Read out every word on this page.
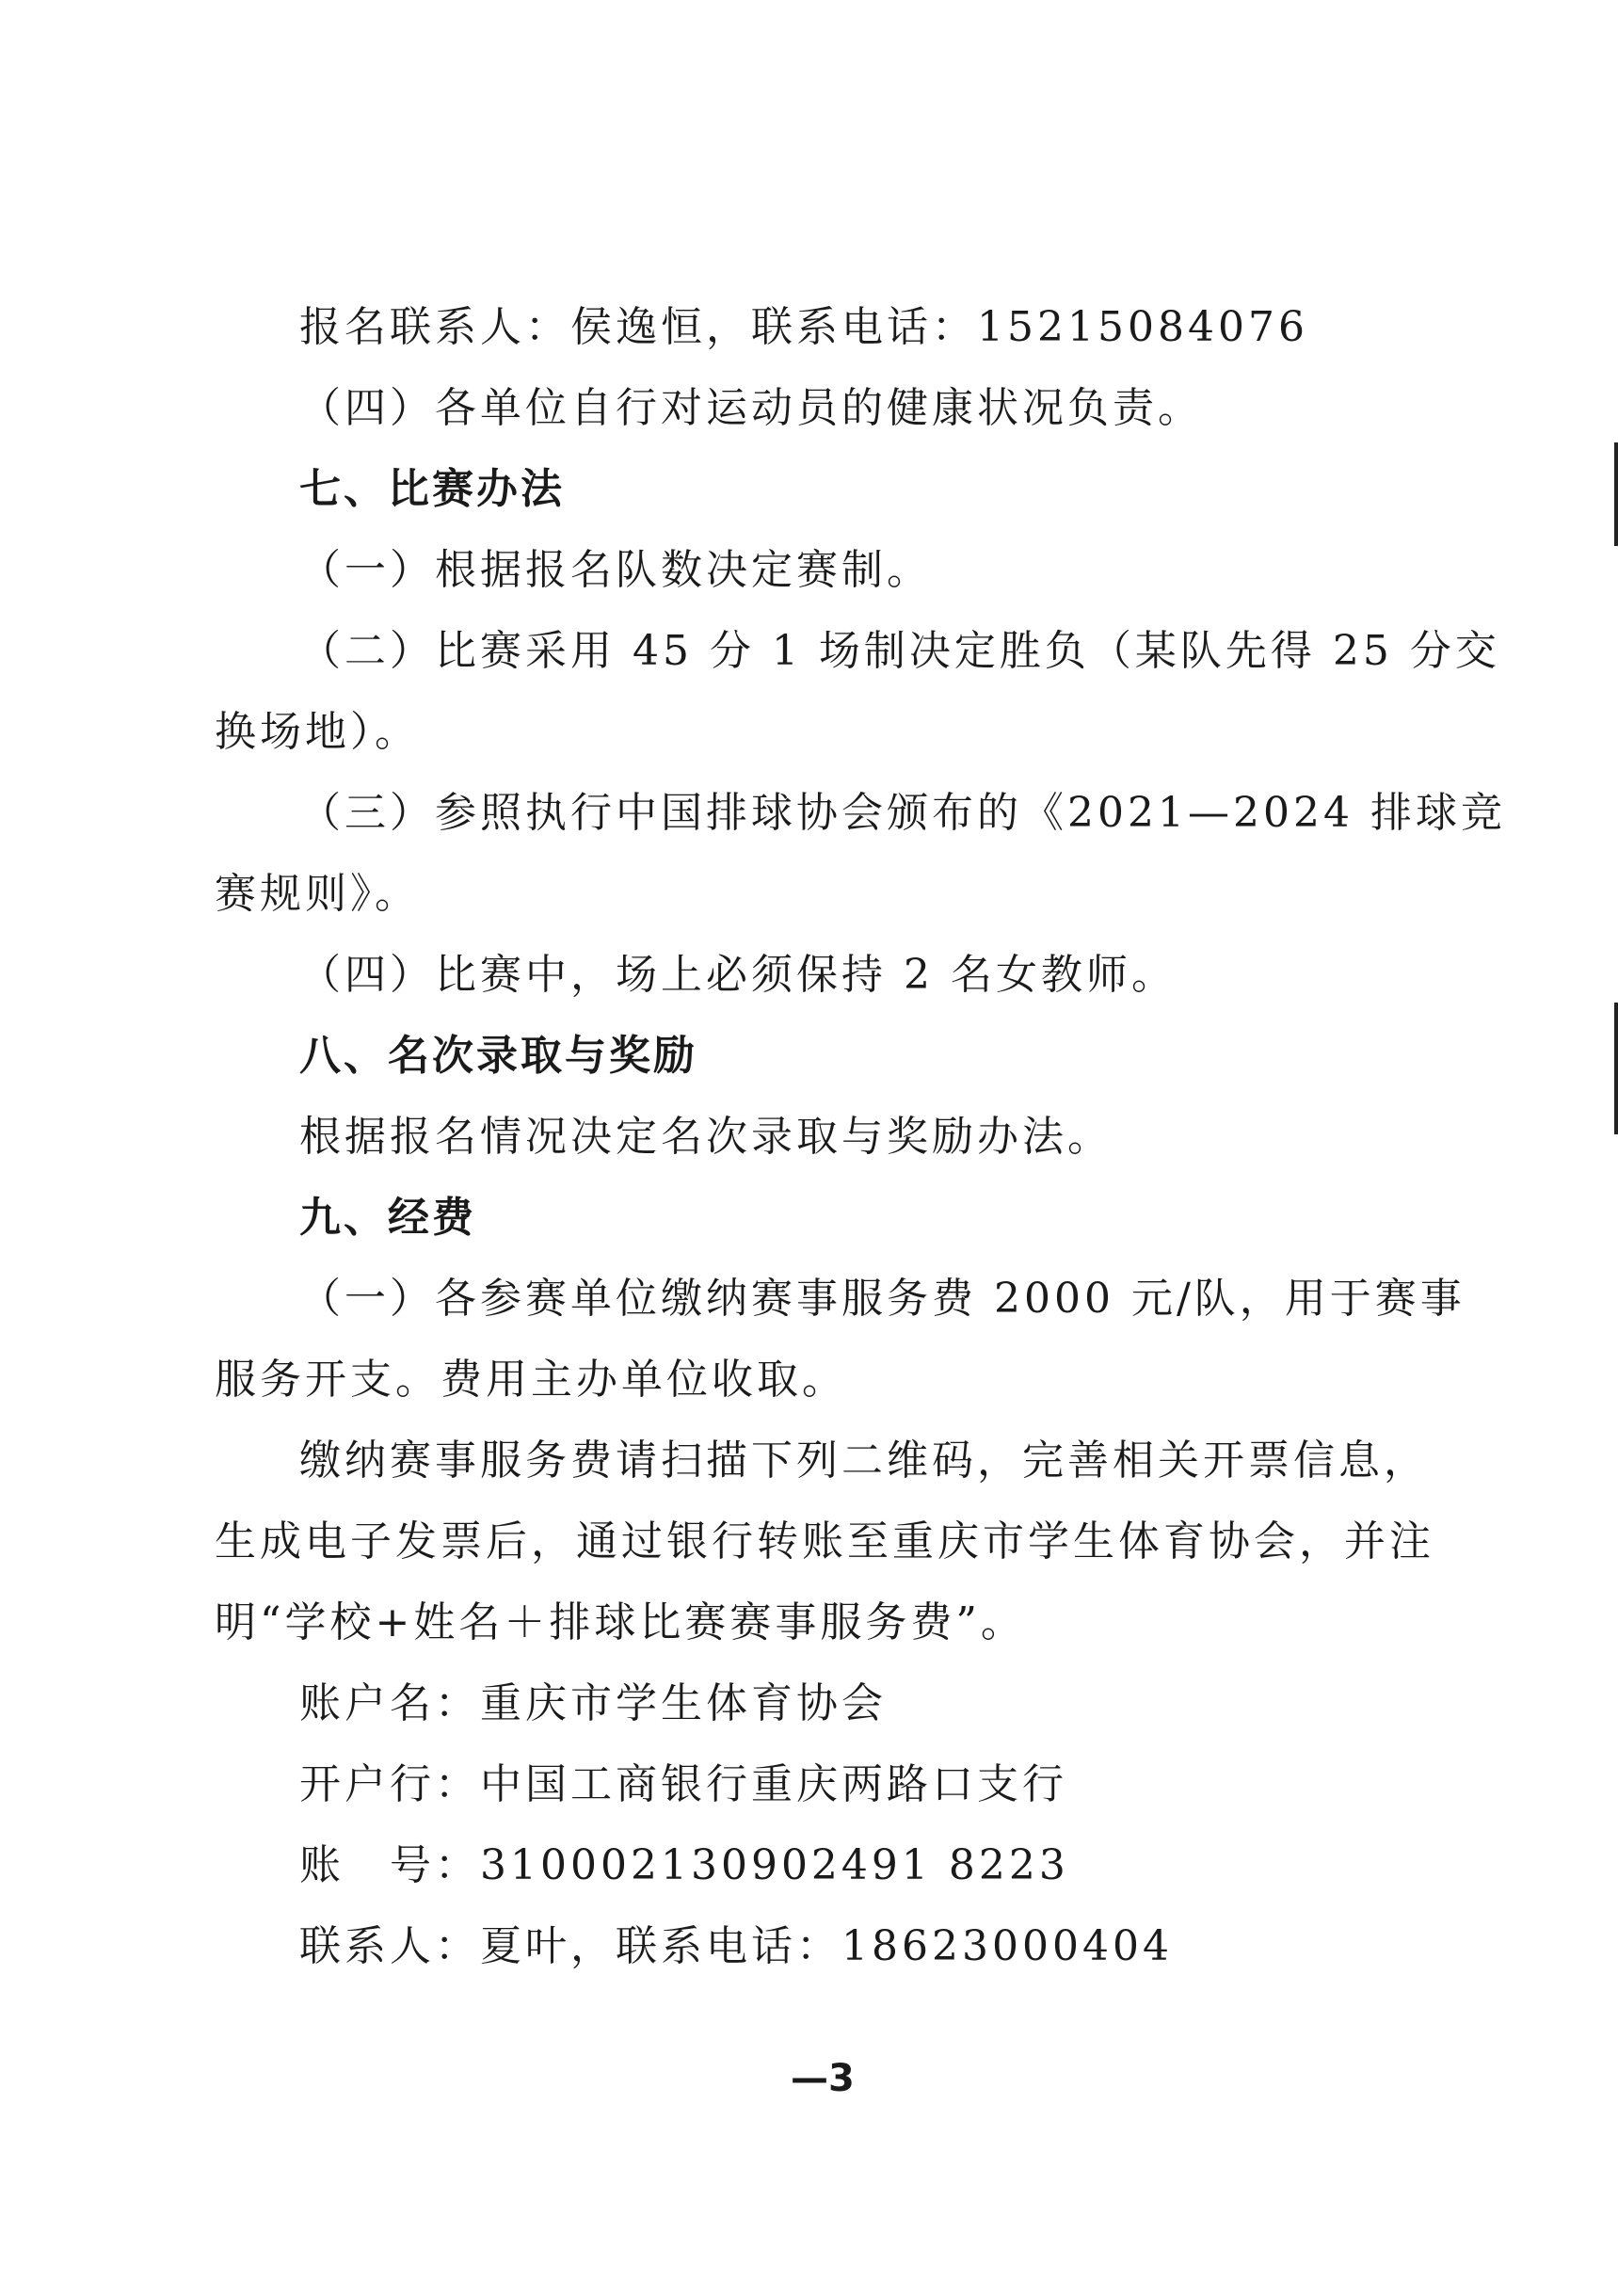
报名联系人：侯逸恒，联系电话：15215084076
（四）各单位自行对运动员的健康状况负责。
七、比赛办法
（一）根据报名队数决定赛制。
（二）比赛采用 45 分 1 场制决定胜负（某队先得 25 分交
换场地）。
（三）参照执行中国排球协会颁布的《2021—2024 排球竞
赛规则》。
（四）比赛中，场上必须保持 2 名女教师。
八、名次录取与奖励
根据报名情况决定名次录取与奖励办法。
九、经费
（一）各参赛单位缴纳赛事服务费 2000 元/队，用于赛事
服务开支。费用主办单位收取。
缴纳赛事服务费请扫描下列二维码，完善相关开票信息，
生成电子发票后，通过银行转账至重庆市学生体育协会，并注
明“学校+姓名＋排球比赛赛事服务费”。
账户名：重庆市学生体育协会
开户行：中国工商银行重庆两路口支行
账　号：310002130902491 8223
联系人：夏叶，联系电话：18623000404
—3
